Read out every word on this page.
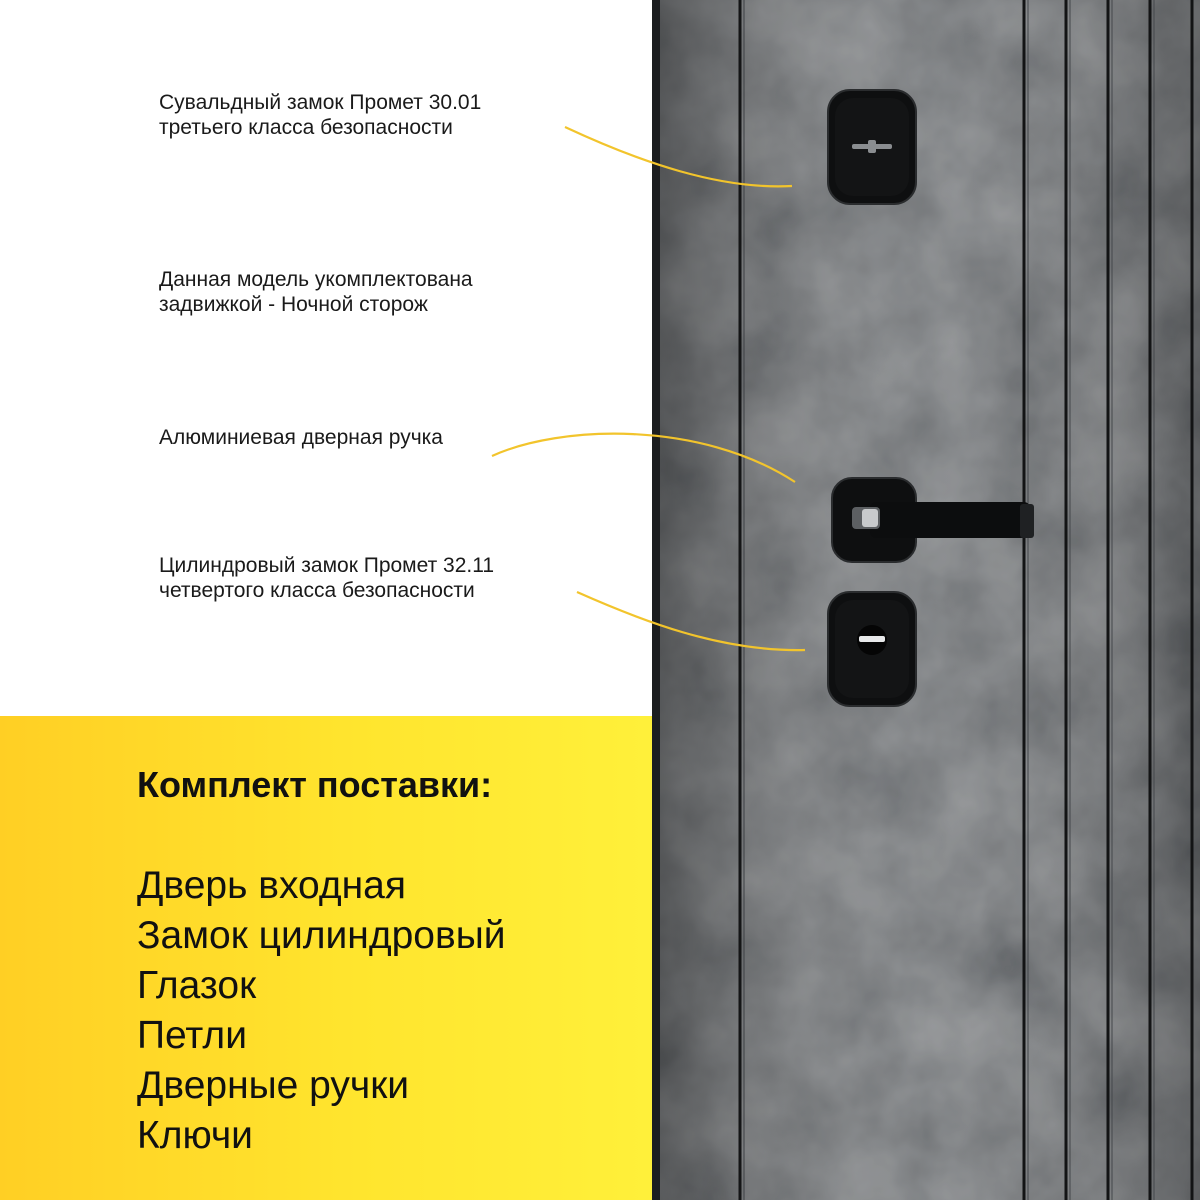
Сувальдный замок Промет 30.01
третьего класса безопасности
Данная модель укомплектована
задвижкой - Ночной сторож
Алюминиевая дверная ручка
Цилиндровый замок Промет 32.11
четвертого класса безопасности
Комплект поставки:
Дверь входная
Замок цилиндровый
Глазок
Петли
Дверные ручки
Ключи
